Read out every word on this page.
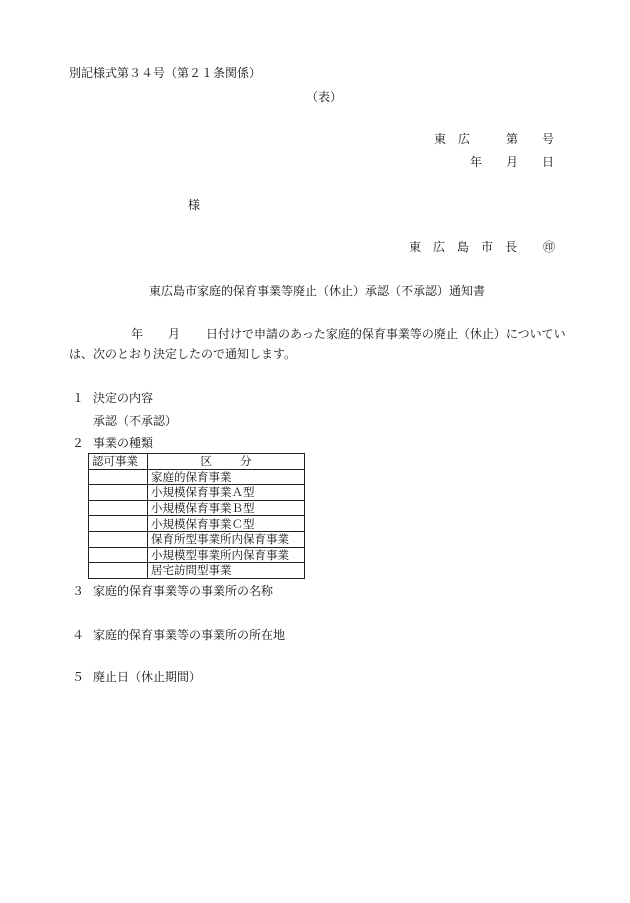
別記様式第３４号（第２１条関係）
（表）
東　広	第 号
年 月 日
様
東　広　島　市　長 ㊞
東広島市家庭的保育事業等廃止（休止）承認（不承認）通知書
年 月 日付けで申請のあった家庭的保育事業等の廃止（休止）についてい
は、次のとおり決定したので通知します。
１ 決定の内容
承認（不承認）
２ 事業の種類
認可事業	区 分
	家庭的保育事業
	小規模保育事業Ａ型
	小規模保育事業Ｂ型
	小規模保育事業Ｃ型
	保育所型事業所内保育事業
	小規模型事業所内保育事業
	居宅訪問型事業
３ 家庭的保育事業等の事業所の名称
４ 家庭的保育事業等の事業所の所在地
５ 廃止日（休止期間）
